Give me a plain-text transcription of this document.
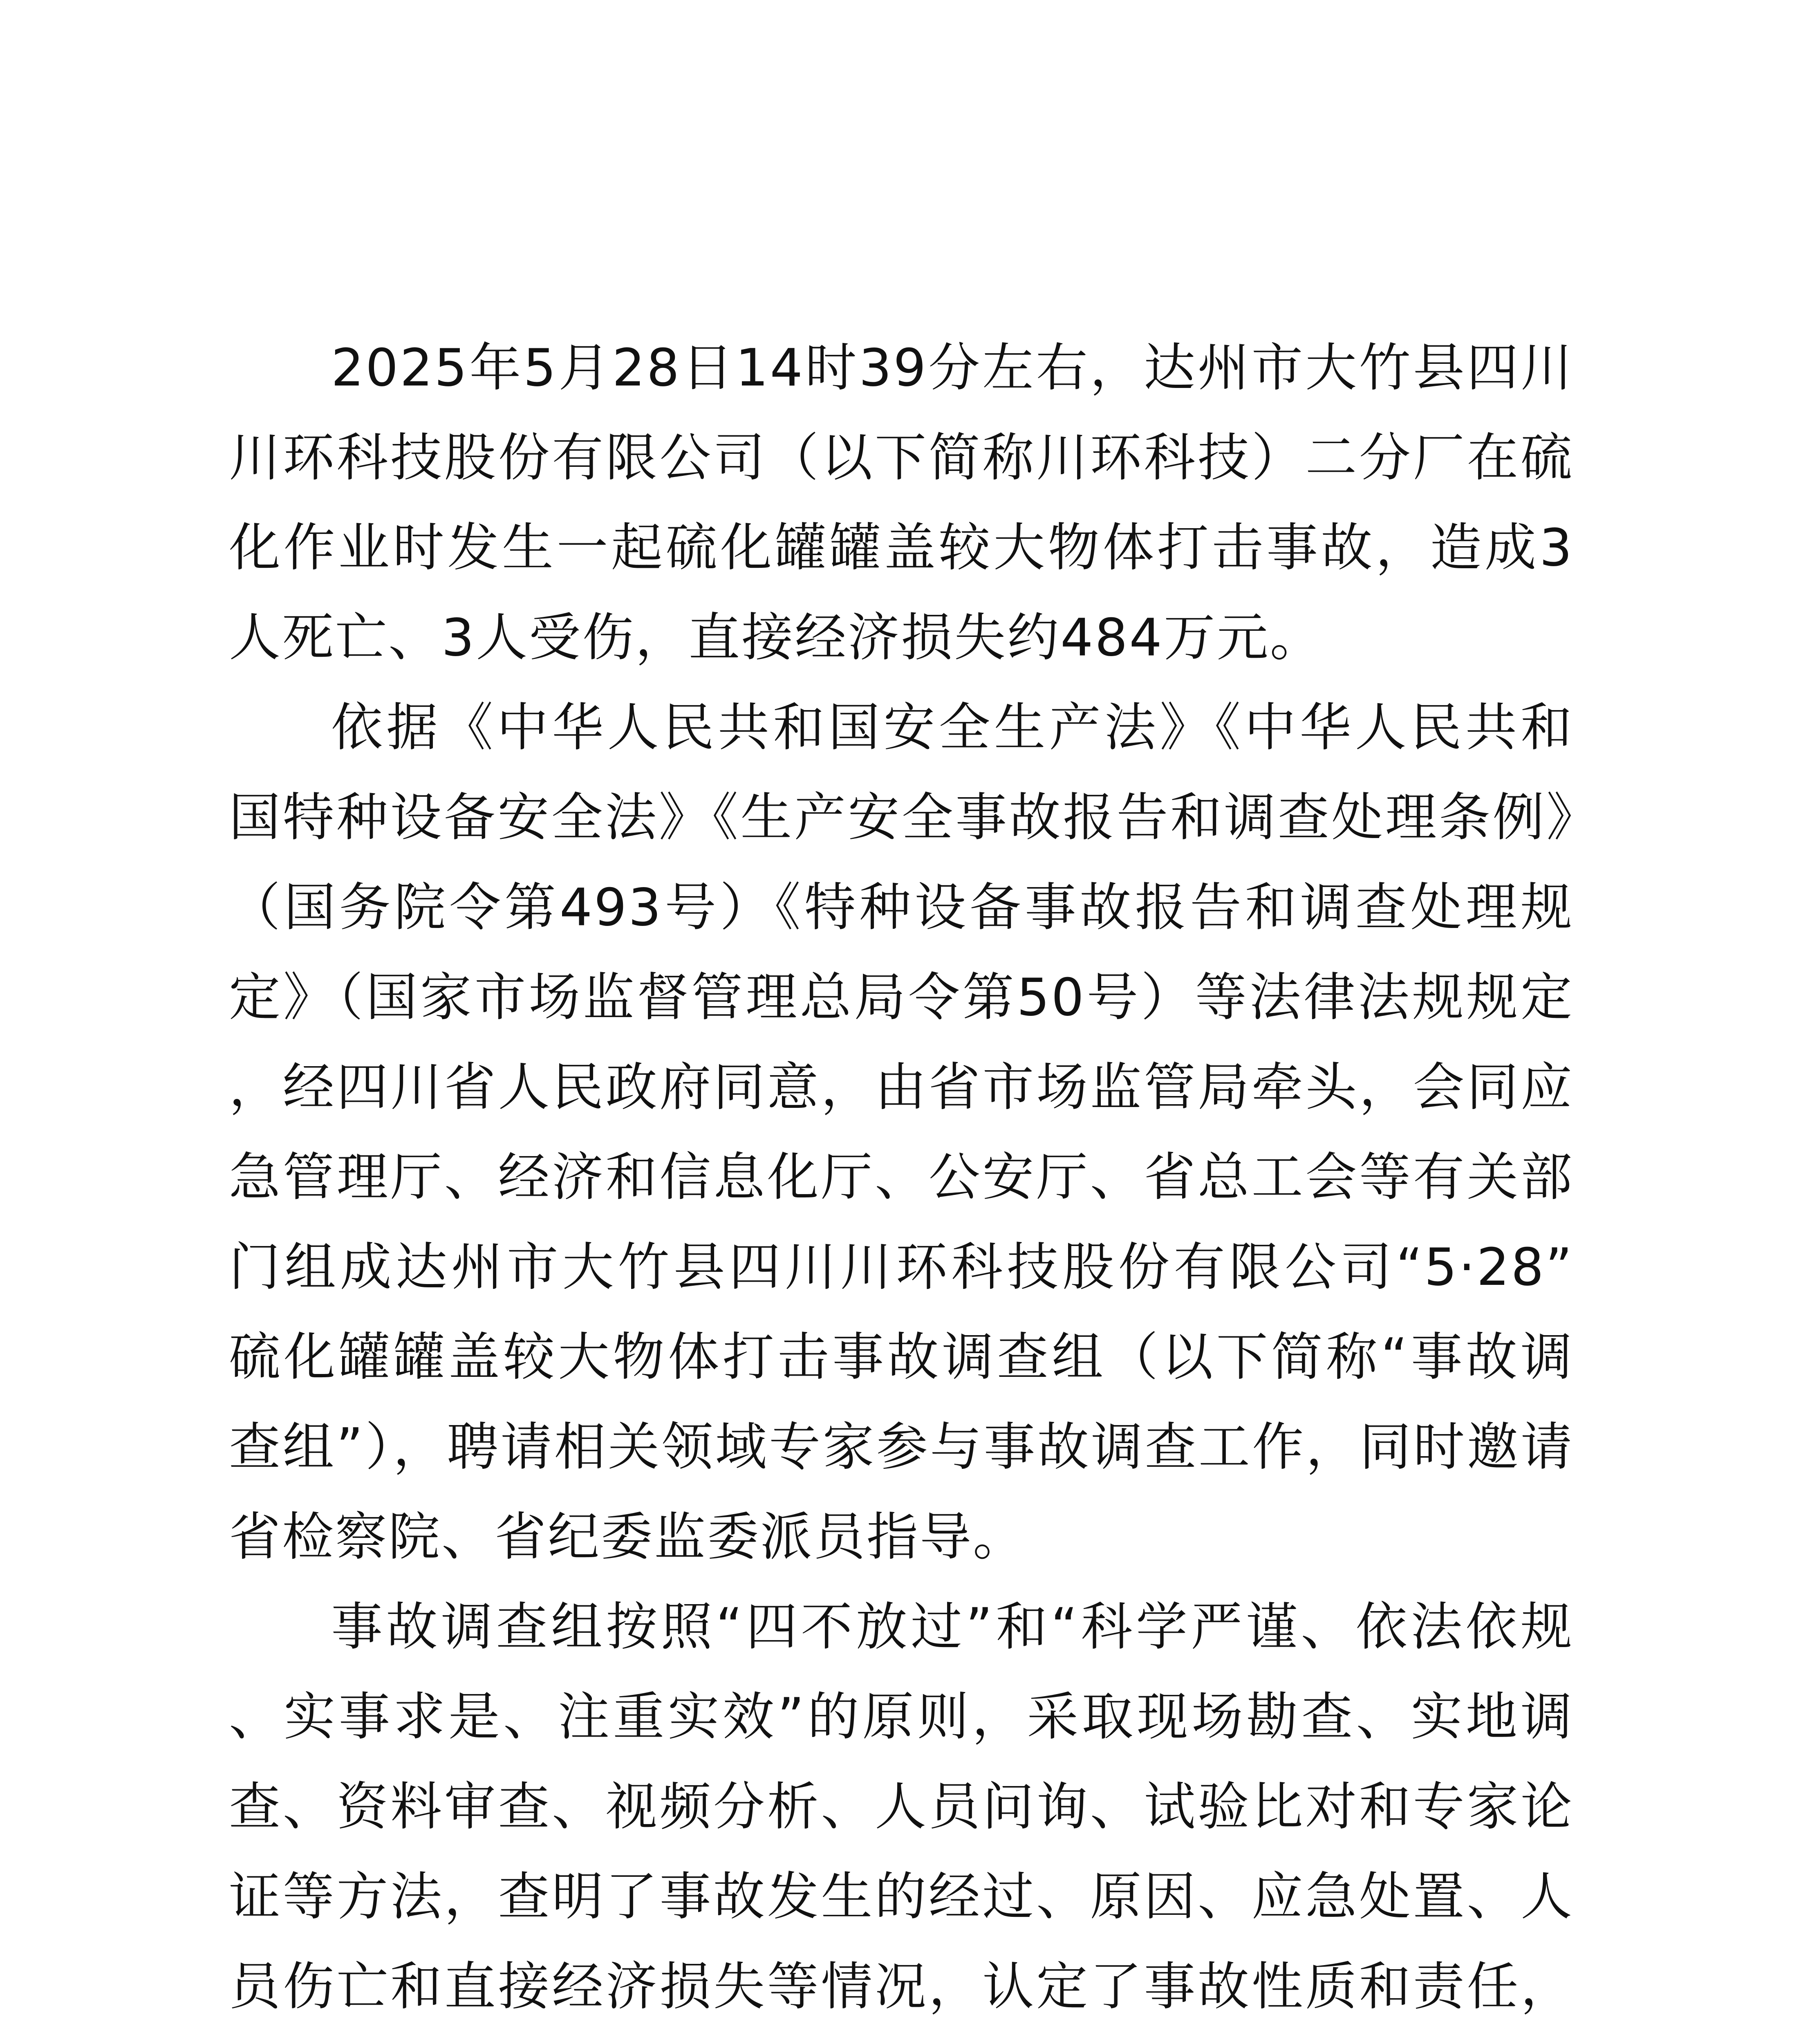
2025年5月28日14时39分左右，达州市大竹县四川川环科技股份有限公司（以下简称川环科技）二分厂在硫化作业时发生一起硫化罐罐盖较大物体打击事故，造成3人死亡、3人受伤，直接经济损失约484万元。

依据《中华人民共和国安全生产法》《中华人民共和国特种设备安全法》《生产安全事故报告和调查处理条例》（国务院令第493号）《特种设备事故报告和调查处理规定》（国家市场监督管理总局令第50号）等法律法规规定，经四川省人民政府同意，由省市场监管局牵头，会同应急管理厅、经济和信息化厅、公安厅、省总工会等有关部门组成达州市大竹县四川川环科技股份有限公司“5·28”硫化罐罐盖较大物体打击事故调查组（以下简称“事故调查组”），聘请相关领域专家参与事故调查工作，同时邀请省检察院、省纪委监委派员指导。

事故调查组按照“四不放过”和“科学严谨、依法依规、实事求是、注重实效”的原则，采取现场勘查、实地调查、资料审查、视频分析、人员问询、试验比对和专家论证等方法，查明了事故发生的经过、原因、应急处置、人员伤亡和直接经济损失等情况，认定了事故性质和责任，
